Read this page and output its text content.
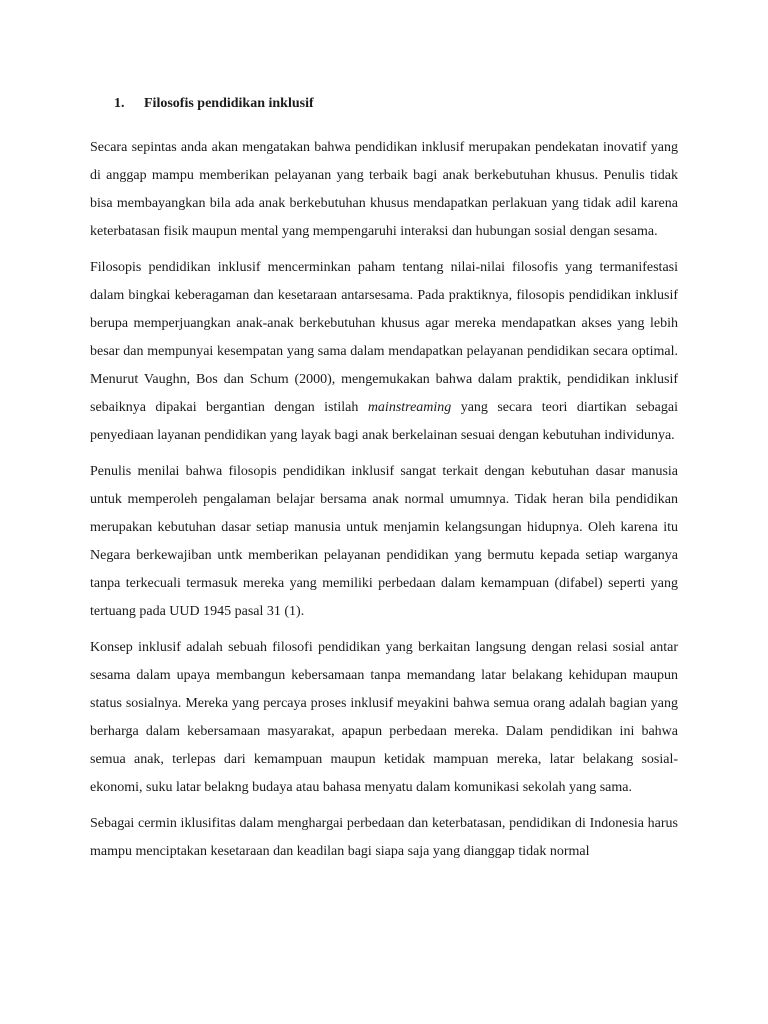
1. Filosofis pendidikan inklusif

Secara sepintas anda akan mengatakan bahwa pendidikan inklusif merupakan pendekatan inovatif yang di anggap mampu memberikan pelayanan yang terbaik bagi anak berkebutuhan khusus. Penulis tidak bisa membayangkan bila ada anak berkebutuhan khusus mendapatkan perlakuan yang tidak adil karena keterbatasan fisik maupun mental yang mempengaruhi interaksi dan hubungan sosial dengan sesama.

Filosopis pendidikan inklusif mencerminkan paham tentang nilai-nilai filosofis yang termanifestasi dalam bingkai keberagaman dan kesetaraan antarsesama. Pada praktiknya, filosopis pendidikan inklusif berupa memperjuangkan anak-anak berkebutuhan khusus agar mereka mendapatkan akses yang lebih besar dan mempunyai kesempatan yang sama dalam mendapatkan pelayanan pendidikan secara optimal. Menurut Vaughn, Bos dan Schum (2000), mengemukakan bahwa dalam praktik, pendidikan inklusif sebaiknya dipakai bergantian dengan istilah mainstreaming yang secara teori diartikan sebagai penyediaan layanan pendidikan yang layak bagi anak berkelainan sesuai dengan kebutuhan individunya.

Penulis menilai bahwa filosopis pendidikan inklusif sangat terkait dengan kebutuhan dasar manusia untuk memperoleh pengalaman belajar bersama anak normal umumnya. Tidak heran bila pendidikan merupakan kebutuhan dasar setiap manusia untuk menjamin kelangsungan hidupnya. Oleh karena itu Negara berkewajiban untk memberikan pelayanan pendidikan yang bermutu kepada setiap warganya tanpa terkecuali termasuk mereka yang memiliki perbedaan dalam kemampuan (difabel) seperti yang tertuang pada UUD 1945 pasal 31 (1).

Konsep inklusif adalah sebuah filosofi pendidikan yang berkaitan langsung dengan relasi sosial antar sesama dalam upaya membangun kebersamaan tanpa memandang latar belakang kehidupan maupun status sosialnya. Mereka yang percaya proses inklusif meyakini bahwa semua orang adalah bagian yang berharga dalam kebersamaan masyarakat, apapun perbedaan mereka. Dalam pendidikan ini bahwa semua anak, terlepas dari kemampuan maupun ketidak mampuan mereka, latar belakang sosial-ekonomi, suku latar belakng budaya atau bahasa menyatu dalam komunikasi sekolah yang sama.

Sebagai cermin iklusifitas dalam menghargai perbedaan dan keterbatasan, pendidikan di Indonesia harus mampu menciptakan kesetaraan dan keadilan bagi siapa saja yang dianggap tidak normal
